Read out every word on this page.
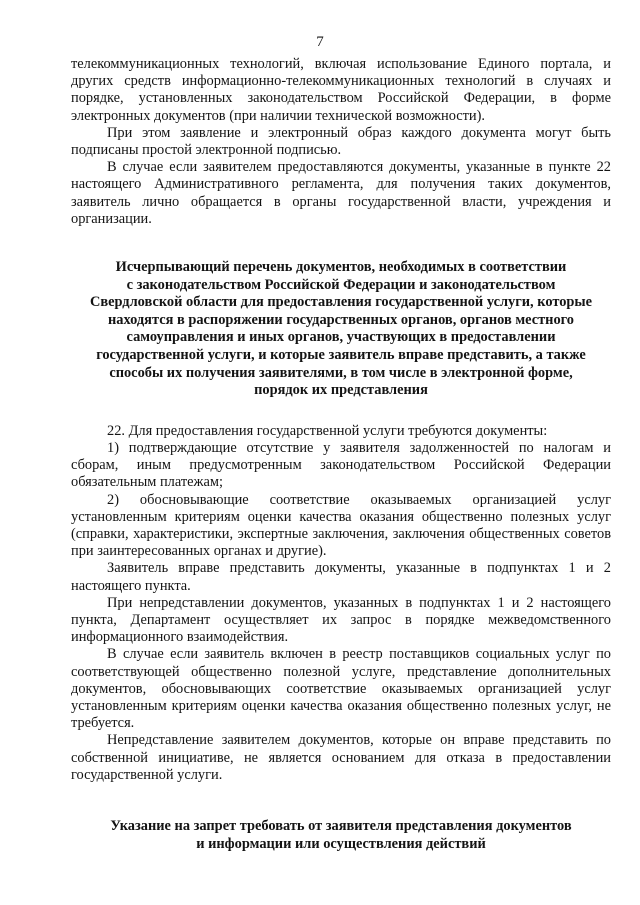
7

телекоммуникационных технологий, включая использование Единого портала, и других средств информационно-телекоммуникационных технологий в случаях и порядке, установленных законодательством Российской Федерации, в форме электронных документов (при наличии технической возможности).

При этом заявление и электронный образ каждого документа могут быть подписаны простой электронной подписью.

В случае если заявителем предоставляются документы, указанные в пункте 22 настоящего Административного регламента, для получения таких документов, заявитель лично обращается в органы государственной власти, учреждения и организации.

Исчерпывающий перечень документов, необходимых в соответствии
с законодательством Российской Федерации и законодательством
Свердловской области для предоставления государственной услуги, которые
находятся в распоряжении государственных органов, органов местного
самоуправления и иных органов, участвующих в предоставлении
государственной услуги, и которые заявитель вправе представить, а также
способы их получения заявителями, в том числе в электронной форме,
порядок их представления

22. Для предоставления государственной услуги требуются документы:

1) подтверждающие отсутствие у заявителя задолженностей по налогам и сборам, иным предусмотренным законодательством Российской Федерации обязательным платежам;

2) обосновывающие соответствие оказываемых организацией услуг установленным критериям оценки качества оказания общественно полезных услуг (справки, характеристики, экспертные заключения, заключения общественных советов при заинтересованных органах и другие).

Заявитель вправе представить документы, указанные в подпунктах 1 и 2 настоящего пункта.

При непредставлении документов, указанных в подпунктах 1 и 2 настоящего пункта, Департамент осуществляет их запрос в порядке межведомственного информационного взаимодействия.

В случае если заявитель включен в реестр поставщиков социальных услуг по соответствующей общественно полезной услуге, представление дополнительных документов, обосновывающих соответствие оказываемых организацией услуг установленным критериям оценки качества оказания общественно полезных услуг, не требуется.

Непредставление заявителем документов, которые он вправе представить по собственной инициативе, не является основанием для отказа в предоставлении государственной услуги.

Указание на запрет требовать от заявителя представления документов
и информации или осуществления действий
